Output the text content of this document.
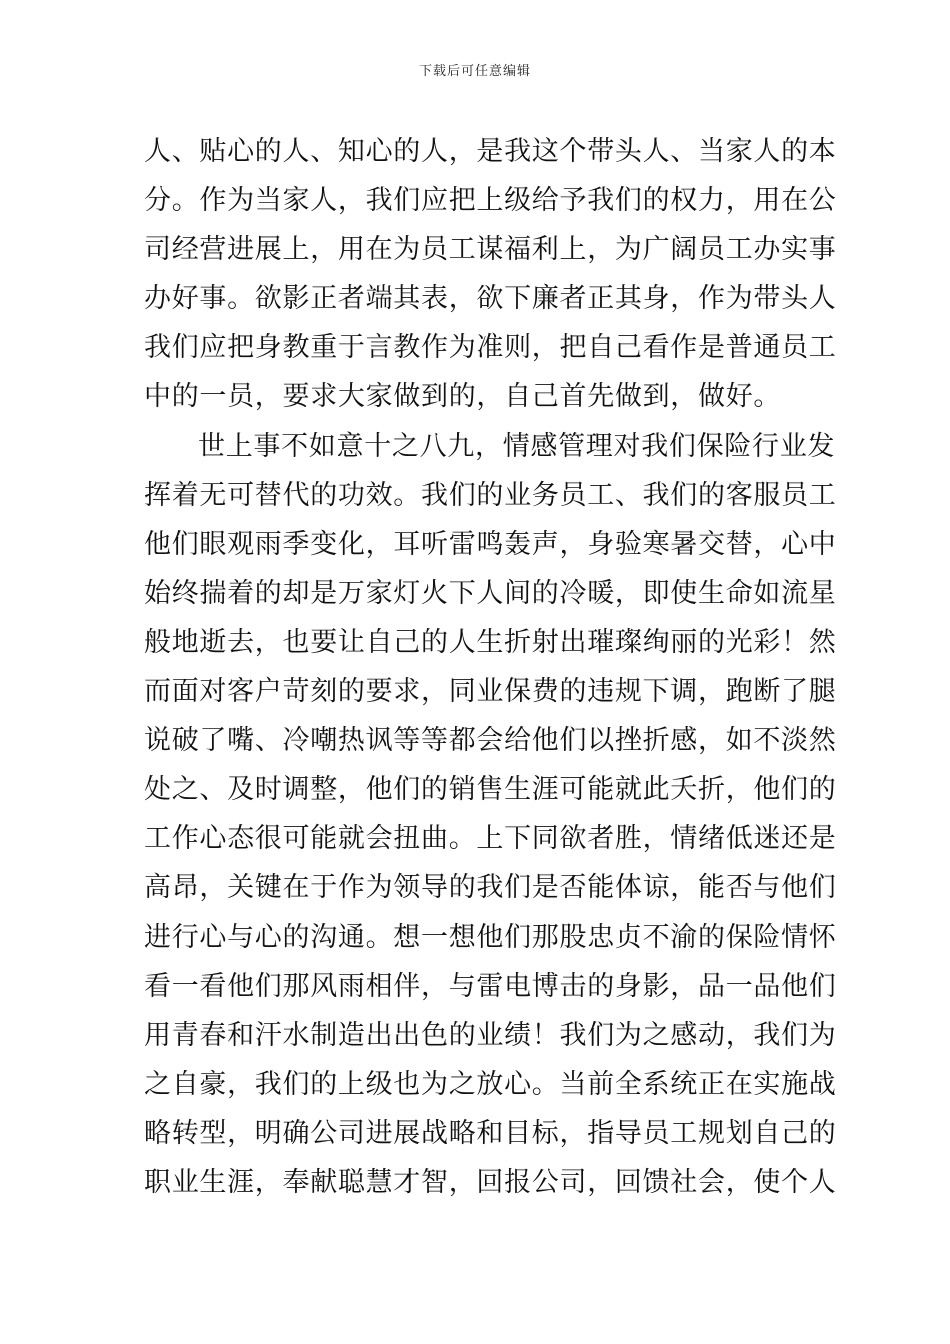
下载后可任意编辑
人、贴心的人、知心的人，是我这个带头人、当家人的本
分。作为当家人，我们应把上级给予我们的权力，用在公
司经营进展上，用在为员工谋福利上，为广阔员工办实事
办好事。欲影正者端其表，欲下廉者正其身，作为带头人
我们应把身教重于言教作为准则，把自己看作是普通员工
中的一员，要求大家做到的，自己首先做到，做好。
世上事不如意十之八九，情感管理对我们保险行业发
挥着无可替代的功效。我们的业务员工、我们的客服员工
他们眼观雨季变化，耳听雷鸣轰声，身验寒暑交替，心中
始终揣着的却是万家灯火下人间的冷暖，即使生命如流星
般地逝去，也要让自己的人生折射出璀璨绚丽的光彩！然
而面对客户苛刻的要求，同业保费的违规下调，跑断了腿
说破了嘴、冷嘲热讽等等都会给他们以挫折感，如不淡然
处之、及时调整，他们的销售生涯可能就此夭折，他们的
工作心态很可能就会扭曲。上下同欲者胜，情绪低迷还是
高昂，关键在于作为领导的我们是否能体谅，能否与他们
进行心与心的沟通。想一想他们那股忠贞不渝的保险情怀
看一看他们那风雨相伴，与雷电博击的身影，品一品他们
用青春和汗水制造出出色的业绩！我们为之感动，我们为
之自豪，我们的上级也为之放心。当前全系统正在实施战
略转型，明确公司进展战略和目标，指导员工规划自己的
职业生涯，奉献聪慧才智，回报公司，回馈社会，使个人
